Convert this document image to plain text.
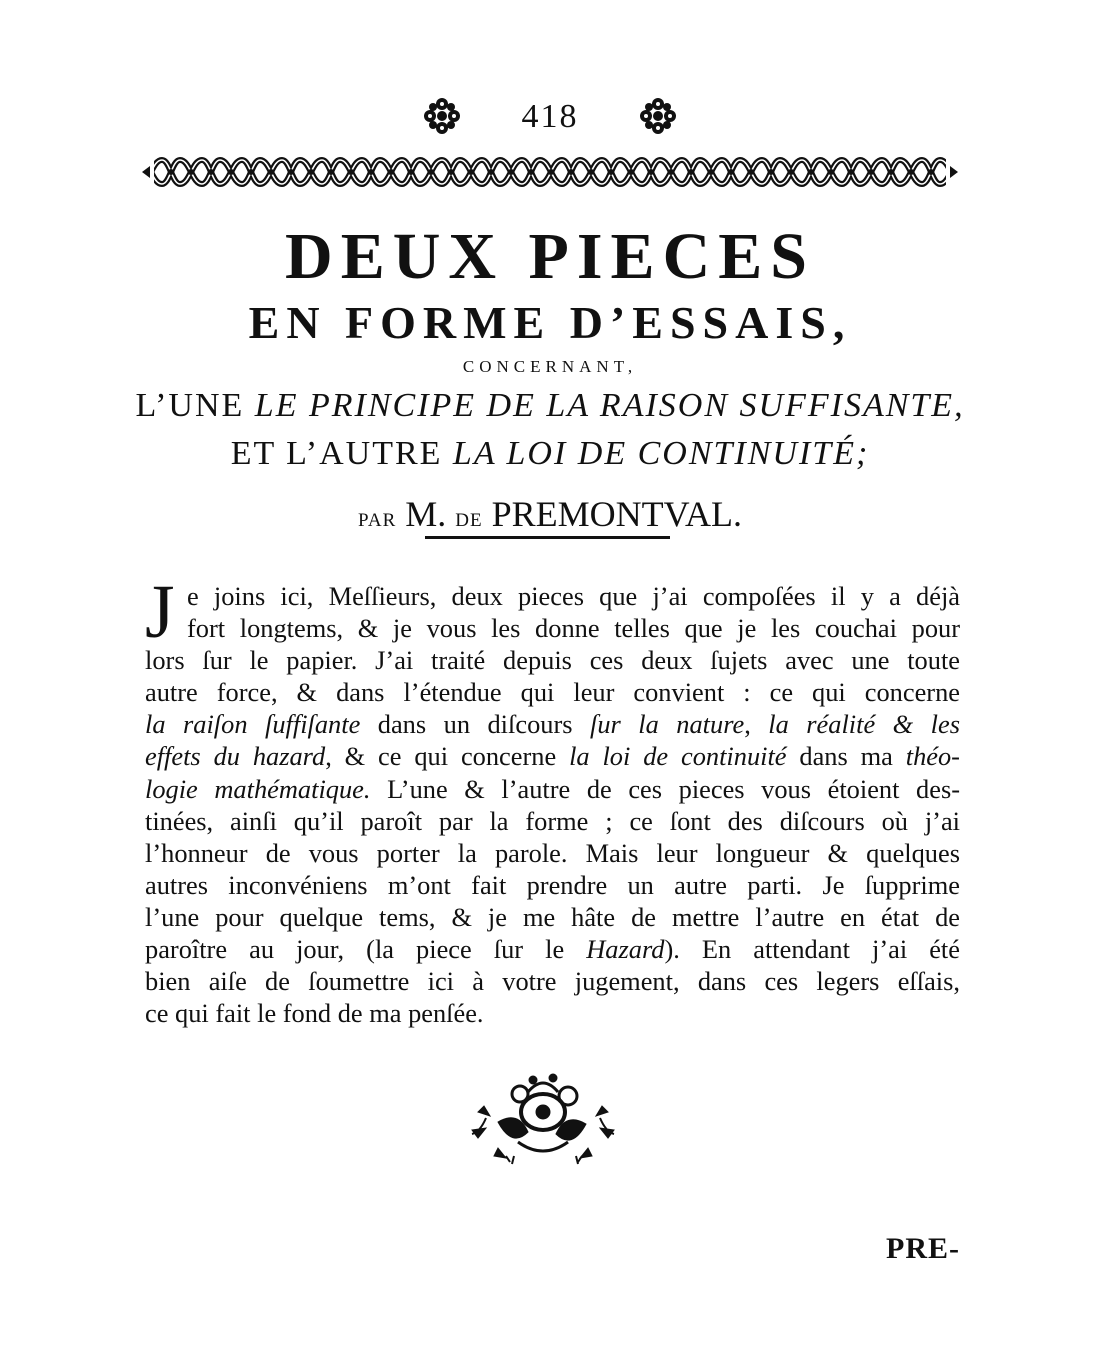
418
DEUX PIECES
EN FORME D’ESSAIS,
CONCERNANT,
L’UNE LE PRINCIPE DE LA RAISON SUFFISANTE,
ET L’AUTRE LA LOI DE CONTINUITÉ;
PAR M. DE PREMONTVAL.
J e joins ici, Meſſieurs, deux pieces que j’ai compoſées il y a déjà
fort longtems, & je vous les donne telles que je les couchai pour
lors ſur le papier. J’ai traité depuis ces deux ſujets avec une toute
autre force, & dans l’étendue qui leur convient : ce qui concerne
la raiſon ſuffiſante dans un diſcours ſur la nature, la réalité & les
effets du hazard, & ce qui concerne la loi de continuité dans ma théo-
logie mathématique. L’une & l’autre de ces pieces vous étoient des-
tinées, ainſi qu’il paroît par la forme ; ce ſont des diſcours où j’ai
l’honneur de vous porter la parole. Mais leur longueur & quelques
autres inconvéniens m’ont fait prendre un autre parti. Je ſupprime
l’une pour quelque tems, & je me hâte de mettre l’autre en état de
paroître au jour, (la piece ſur le Hazard). En attendant j’ai été
bien aiſe de ſoumettre ici à votre jugement, dans ces legers eſſais,
ce qui fait le fond de ma penſée.
PRE-
